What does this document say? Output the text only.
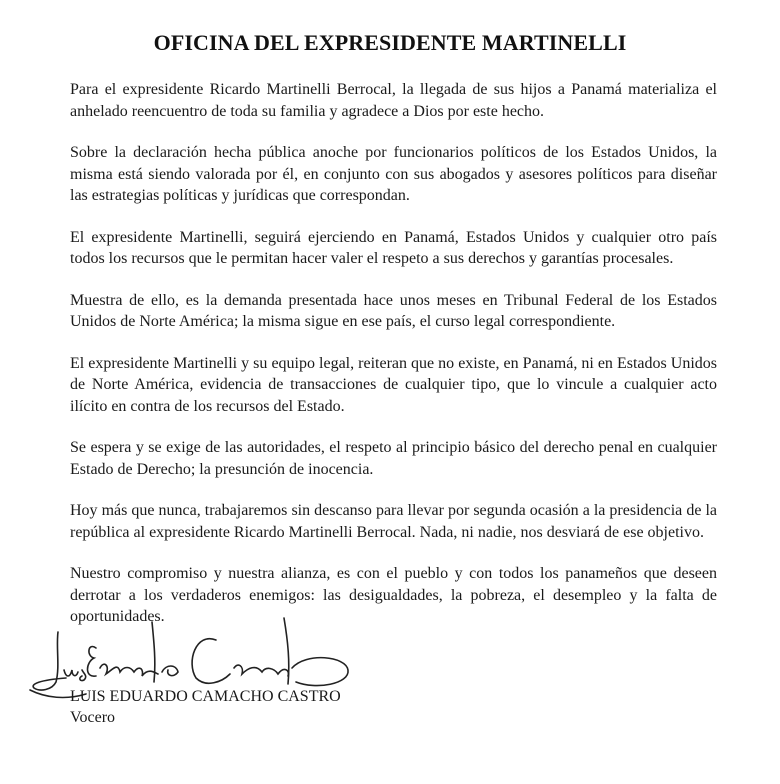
OFICINA DEL EXPRESIDENTE MARTINELLI

Para el expresidente Ricardo Martinelli Berrocal, la llegada de sus hijos a Panamá materializa el anhelado reencuentro de toda su familia y agradece a Dios por este hecho.

Sobre la declaración hecha pública anoche por funcionarios políticos de los Estados Unidos, la misma está siendo valorada por él, en conjunto con sus abogados y asesores políticos para diseñar las estrategias políticas y jurídicas que correspondan.

El expresidente Martinelli, seguirá ejerciendo en Panamá, Estados Unidos y cualquier otro país todos los recursos que le permitan hacer valer el respeto a sus derechos y garantías procesales.

Muestra de ello, es la demanda presentada hace unos meses en Tribunal Federal de los Estados Unidos de Norte América; la misma sigue en ese país, el curso legal correspondiente.

El expresidente Martinelli y su equipo legal, reiteran que no existe, en Panamá, ni en Estados Unidos de Norte América, evidencia de transacciones de cualquier tipo, que lo vincule a cualquier acto ilícito en contra de los recursos del Estado.

Se espera y se exige de las autoridades, el respeto al principio básico del derecho penal en cualquier Estado de Derecho; la presunción de inocencia.

Hoy más que nunca, trabajaremos sin descanso para llevar por segunda ocasión a la presidencia de la república al expresidente Ricardo Martinelli Berrocal. Nada, ni nadie, nos desviará de ese objetivo.

Nuestro compromiso y nuestra alianza, es con el pueblo y con todos los panameños que deseen derrotar a los verdaderos enemigos: las desigualdades, la pobreza, el desempleo y la falta de oportunidades.

LUIS EDUARDO CAMACHO CASTRO
Vocero
